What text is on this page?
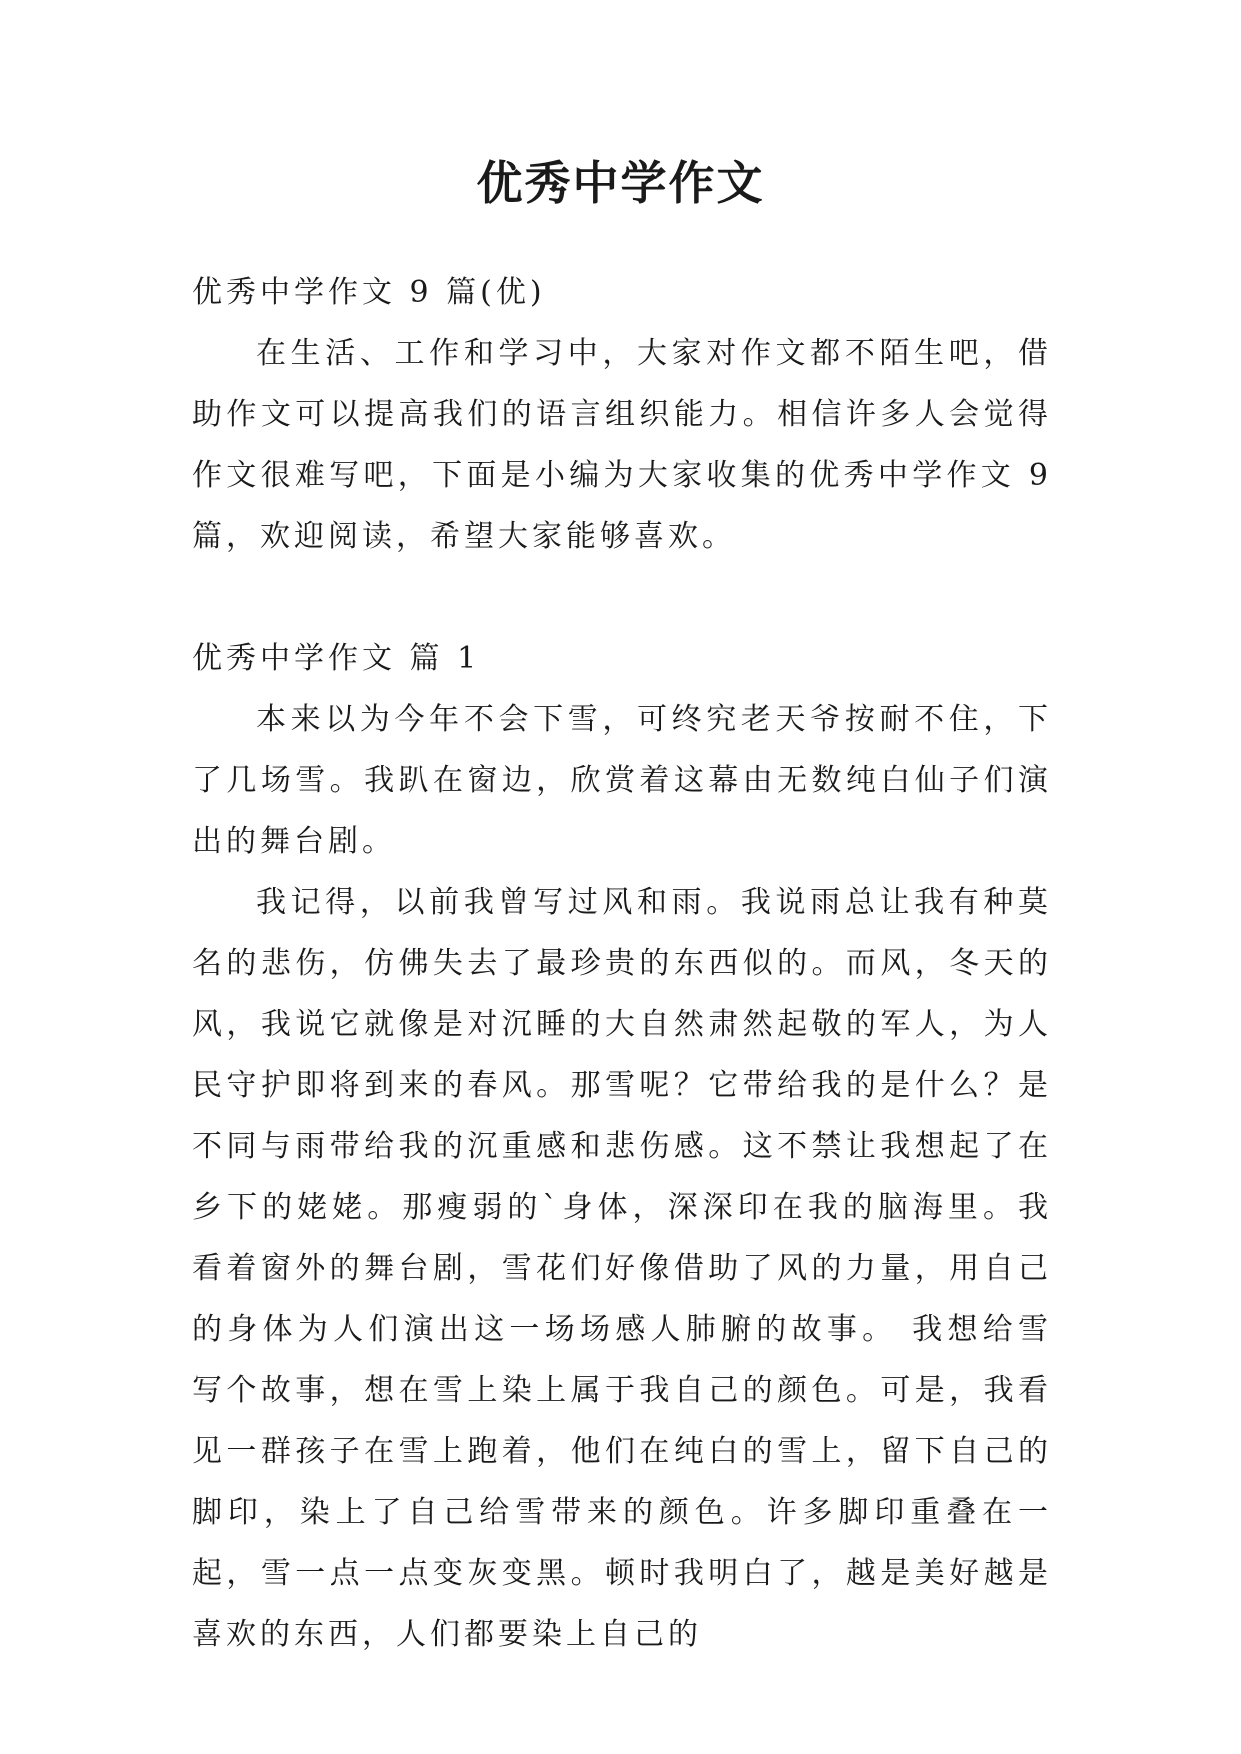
优秀中学作文

优秀中学作文 9 篇(优)

在生活、工作和学习中，大家对作文都不陌生吧，借助作文可以提高我们的语言组织能力。相信许多人会觉得作文很难写吧，下面是小编为大家收集的优秀中学作文 9 篇，欢迎阅读，希望大家能够喜欢。

优秀中学作文 篇 1

本来以为今年不会下雪，可终究老天爷按耐不住，下了几场雪。我趴在窗边，欣赏着这幕由无数纯白仙子们演出的舞台剧。

我记得，以前我曾写过风和雨。我说雨总让我有种莫名的悲伤，仿佛失去了最珍贵的东西似的。而风，冬天的风，我说它就像是对沉睡的大自然肃然起敬的军人，为人民守护即将到来的春风。那雪呢？它带给我的是什么？是不同与雨带给我的沉重感和悲伤感。这不禁让我想起了在乡下的姥姥。那瘦弱的`身体，深深印在我的脑海里。我看着窗外的舞台剧，雪花们好像借助了风的力量，用自己的身体为人们演出这一场场感人肺腑的故事。 我想给雪写个故事，想在雪上染上属于我自己的颜色。可是，我看见一群孩子在雪上跑着，他们在纯白的雪上，留下自己的脚印，染上了自己给雪带来的颜色。许多脚印重叠在一起，雪一点一点变灰变黑。顿时我明白了，越是美好越是喜欢的东西，人们都要染上自己的
